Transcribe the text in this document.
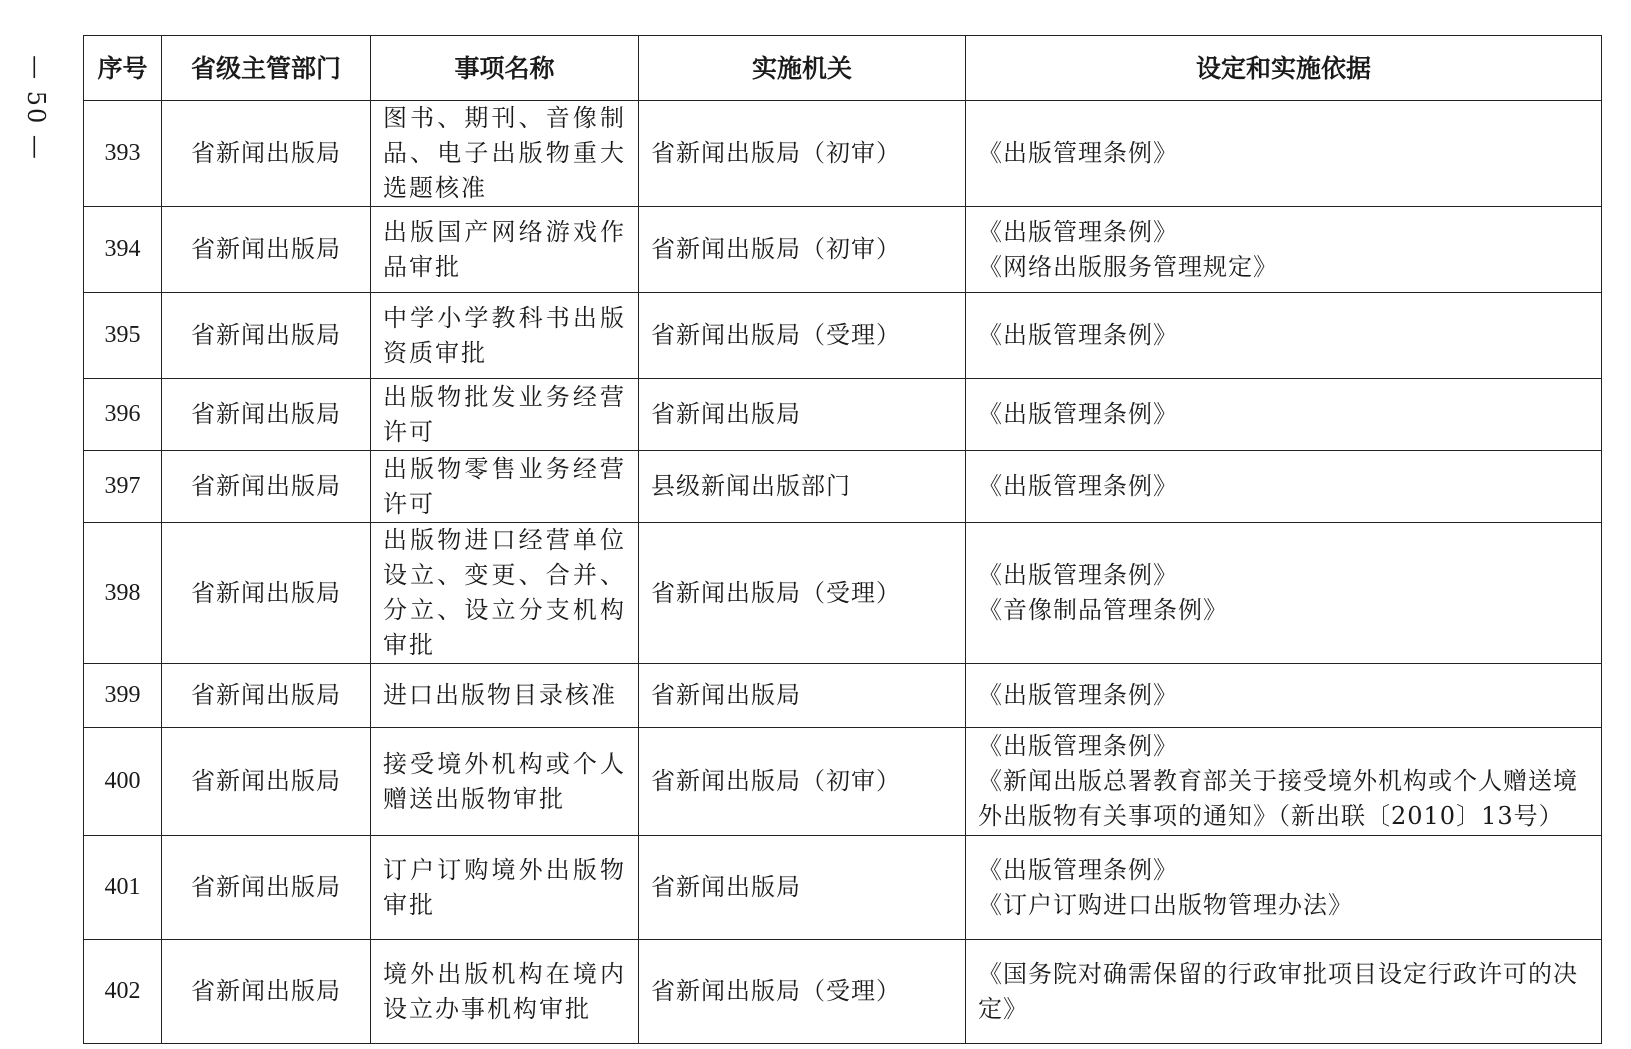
— 50 — 序号	省级主管部门	事项名称	实施机关	设定和实施依据
393	省新闻出版局	图书、期刊、音像制品、电子出版物重大选题核准	省新闻出版局（初审）	《出版管理条例》

394	省新闻出版局	出版国产网络游戏作品审批	省新闻出版局（初审）	《出版管理条例》
《网络出版服务管理规定》

395	省新闻出版局	中学小学教科书出版资质审批	省新闻出版局（受理）	《出版管理条例》

396	省新闻出版局	出版物批发业务经营许可	省新闻出版局	《出版管理条例》

397	省新闻出版局	出版物零售业务经营许可	县级新闻出版部门	《出版管理条例》

398	省新闻出版局	出版物进口经营单位设立、变更、合并、分立、设立分支机构审批	省新闻出版局（受理）	《出版管理条例》
《音像制品管理条例》

399	省新闻出版局	进口出版物目录核准	省新闻出版局	《出版管理条例》

400	省新闻出版局	接受境外机构或个人赠送出版物审批	省新闻出版局（初审）	《出版管理条例》
《新闻出版总署教育部关于接受境外机构或个人赠送境外出版物有关事项的通知》（新出联〔2010〕13号）

401	省新闻出版局	订户订购境外出版物审批	省新闻出版局	《出版管理条例》
《订户订购进口出版物管理办法》

402	省新闻出版局	境外出版机构在境内设立办事机构审批	省新闻出版局（受理）	《国务院对确需保留的行政审批项目设定行政许可的决定》
